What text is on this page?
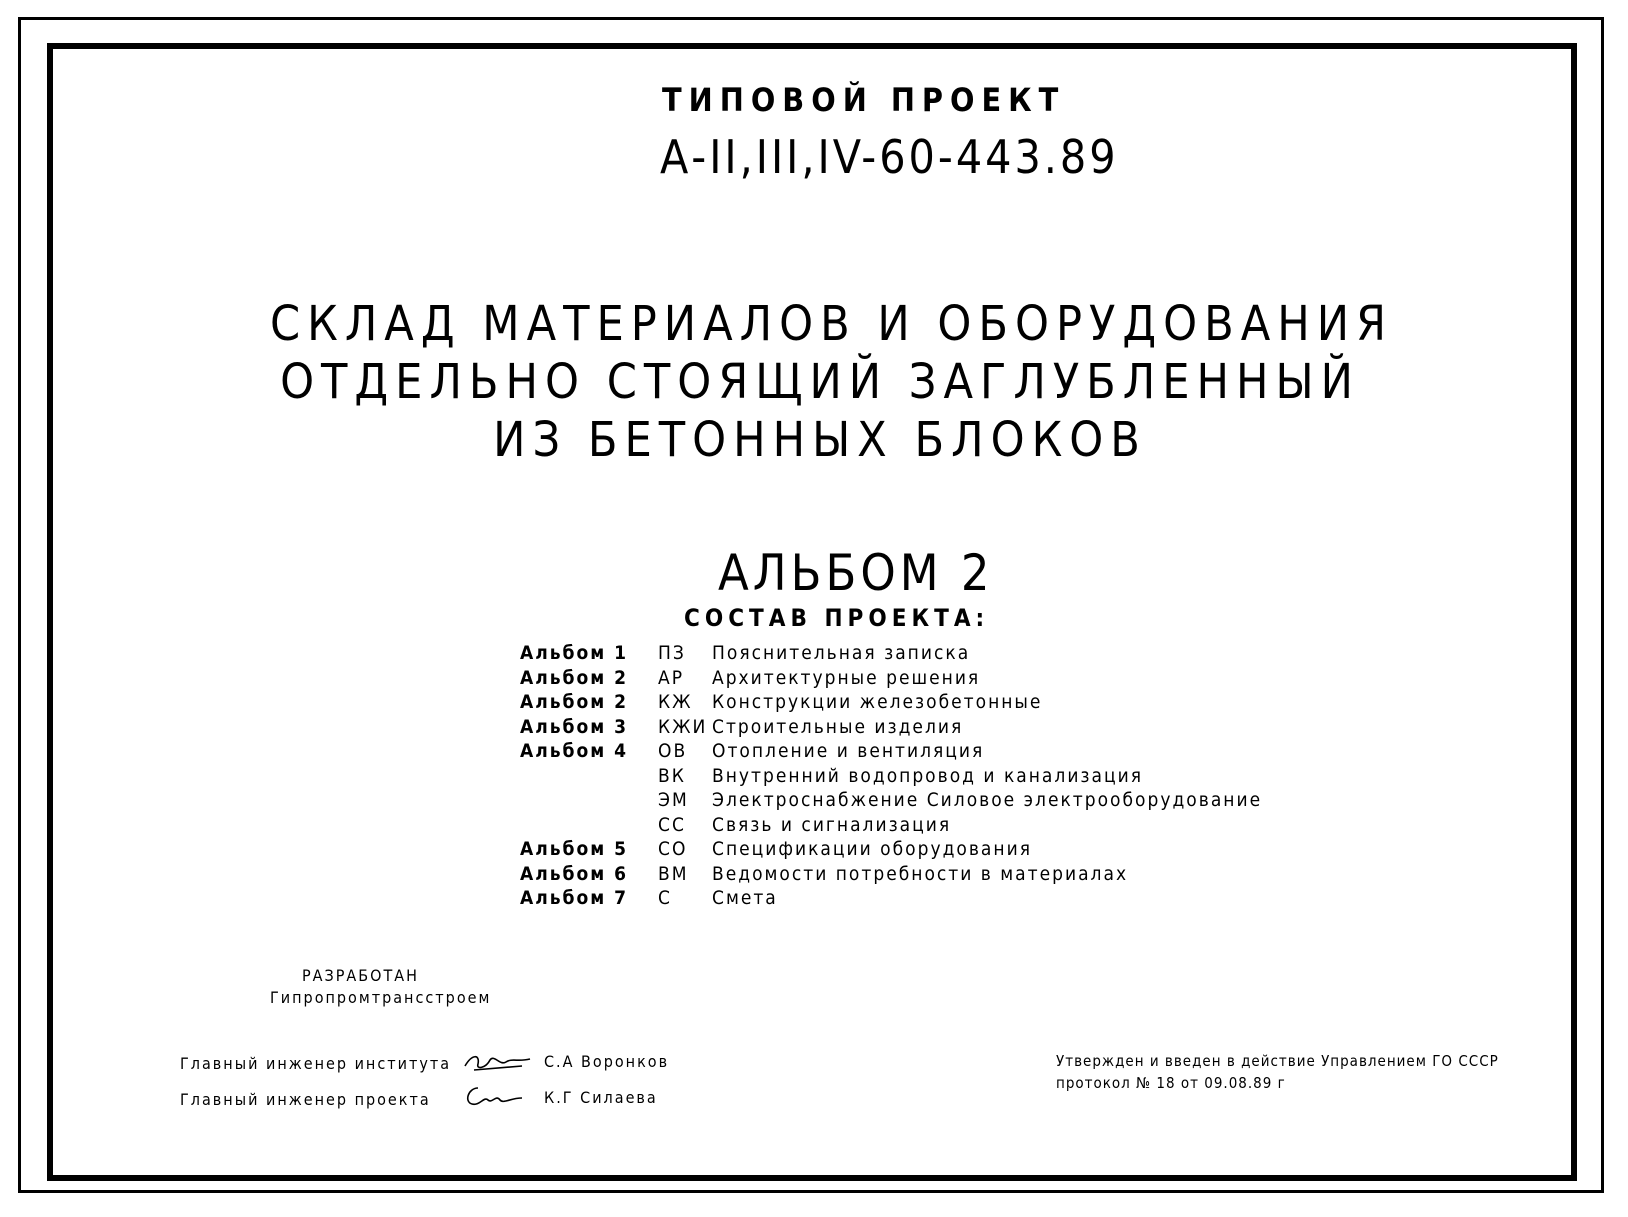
ТИПОВОЙ ПРОЕКТ
А-II,III,IV-60-443.89
СКЛАД МАТЕРИАЛОВ И ОБОРУДОВАНИЯ
ОТДЕЛЬНО СТОЯЩИЙ ЗАГЛУБЛЕННЫЙ
ИЗ БЕТОННЫХ БЛОКОВ
АЛЬБОМ 2
СОСТАВ ПРОЕКТА:
Альбом 1 ПЗ Пояснительная записка
Альбом 2 АР Архитектурные решения
Альбом 2 КЖ Конструкции железобетонные
Альбом 3 КЖИ Строительные изделия
Альбом 4 ОВ Отопление и вентиляция
ВК Внутренний водопровод и канализация
ЭМ Электроснабжение Силовое электрооборудование
СС Связь и сигнализация
Альбом 5 СО Спецификации оборудования
Альбом 6 ВМ Ведомости потребности в материалах
Альбом 7 С Смета
РАЗРАБОТАН
Гипропромтрансстроем
Главный инженер института	С.А Воронков
Главный инженер проекта	К.Г Силаева
Утвержден и введен в действие Управлением ГО СССР
протокол № 18 от 09.08.89 г
